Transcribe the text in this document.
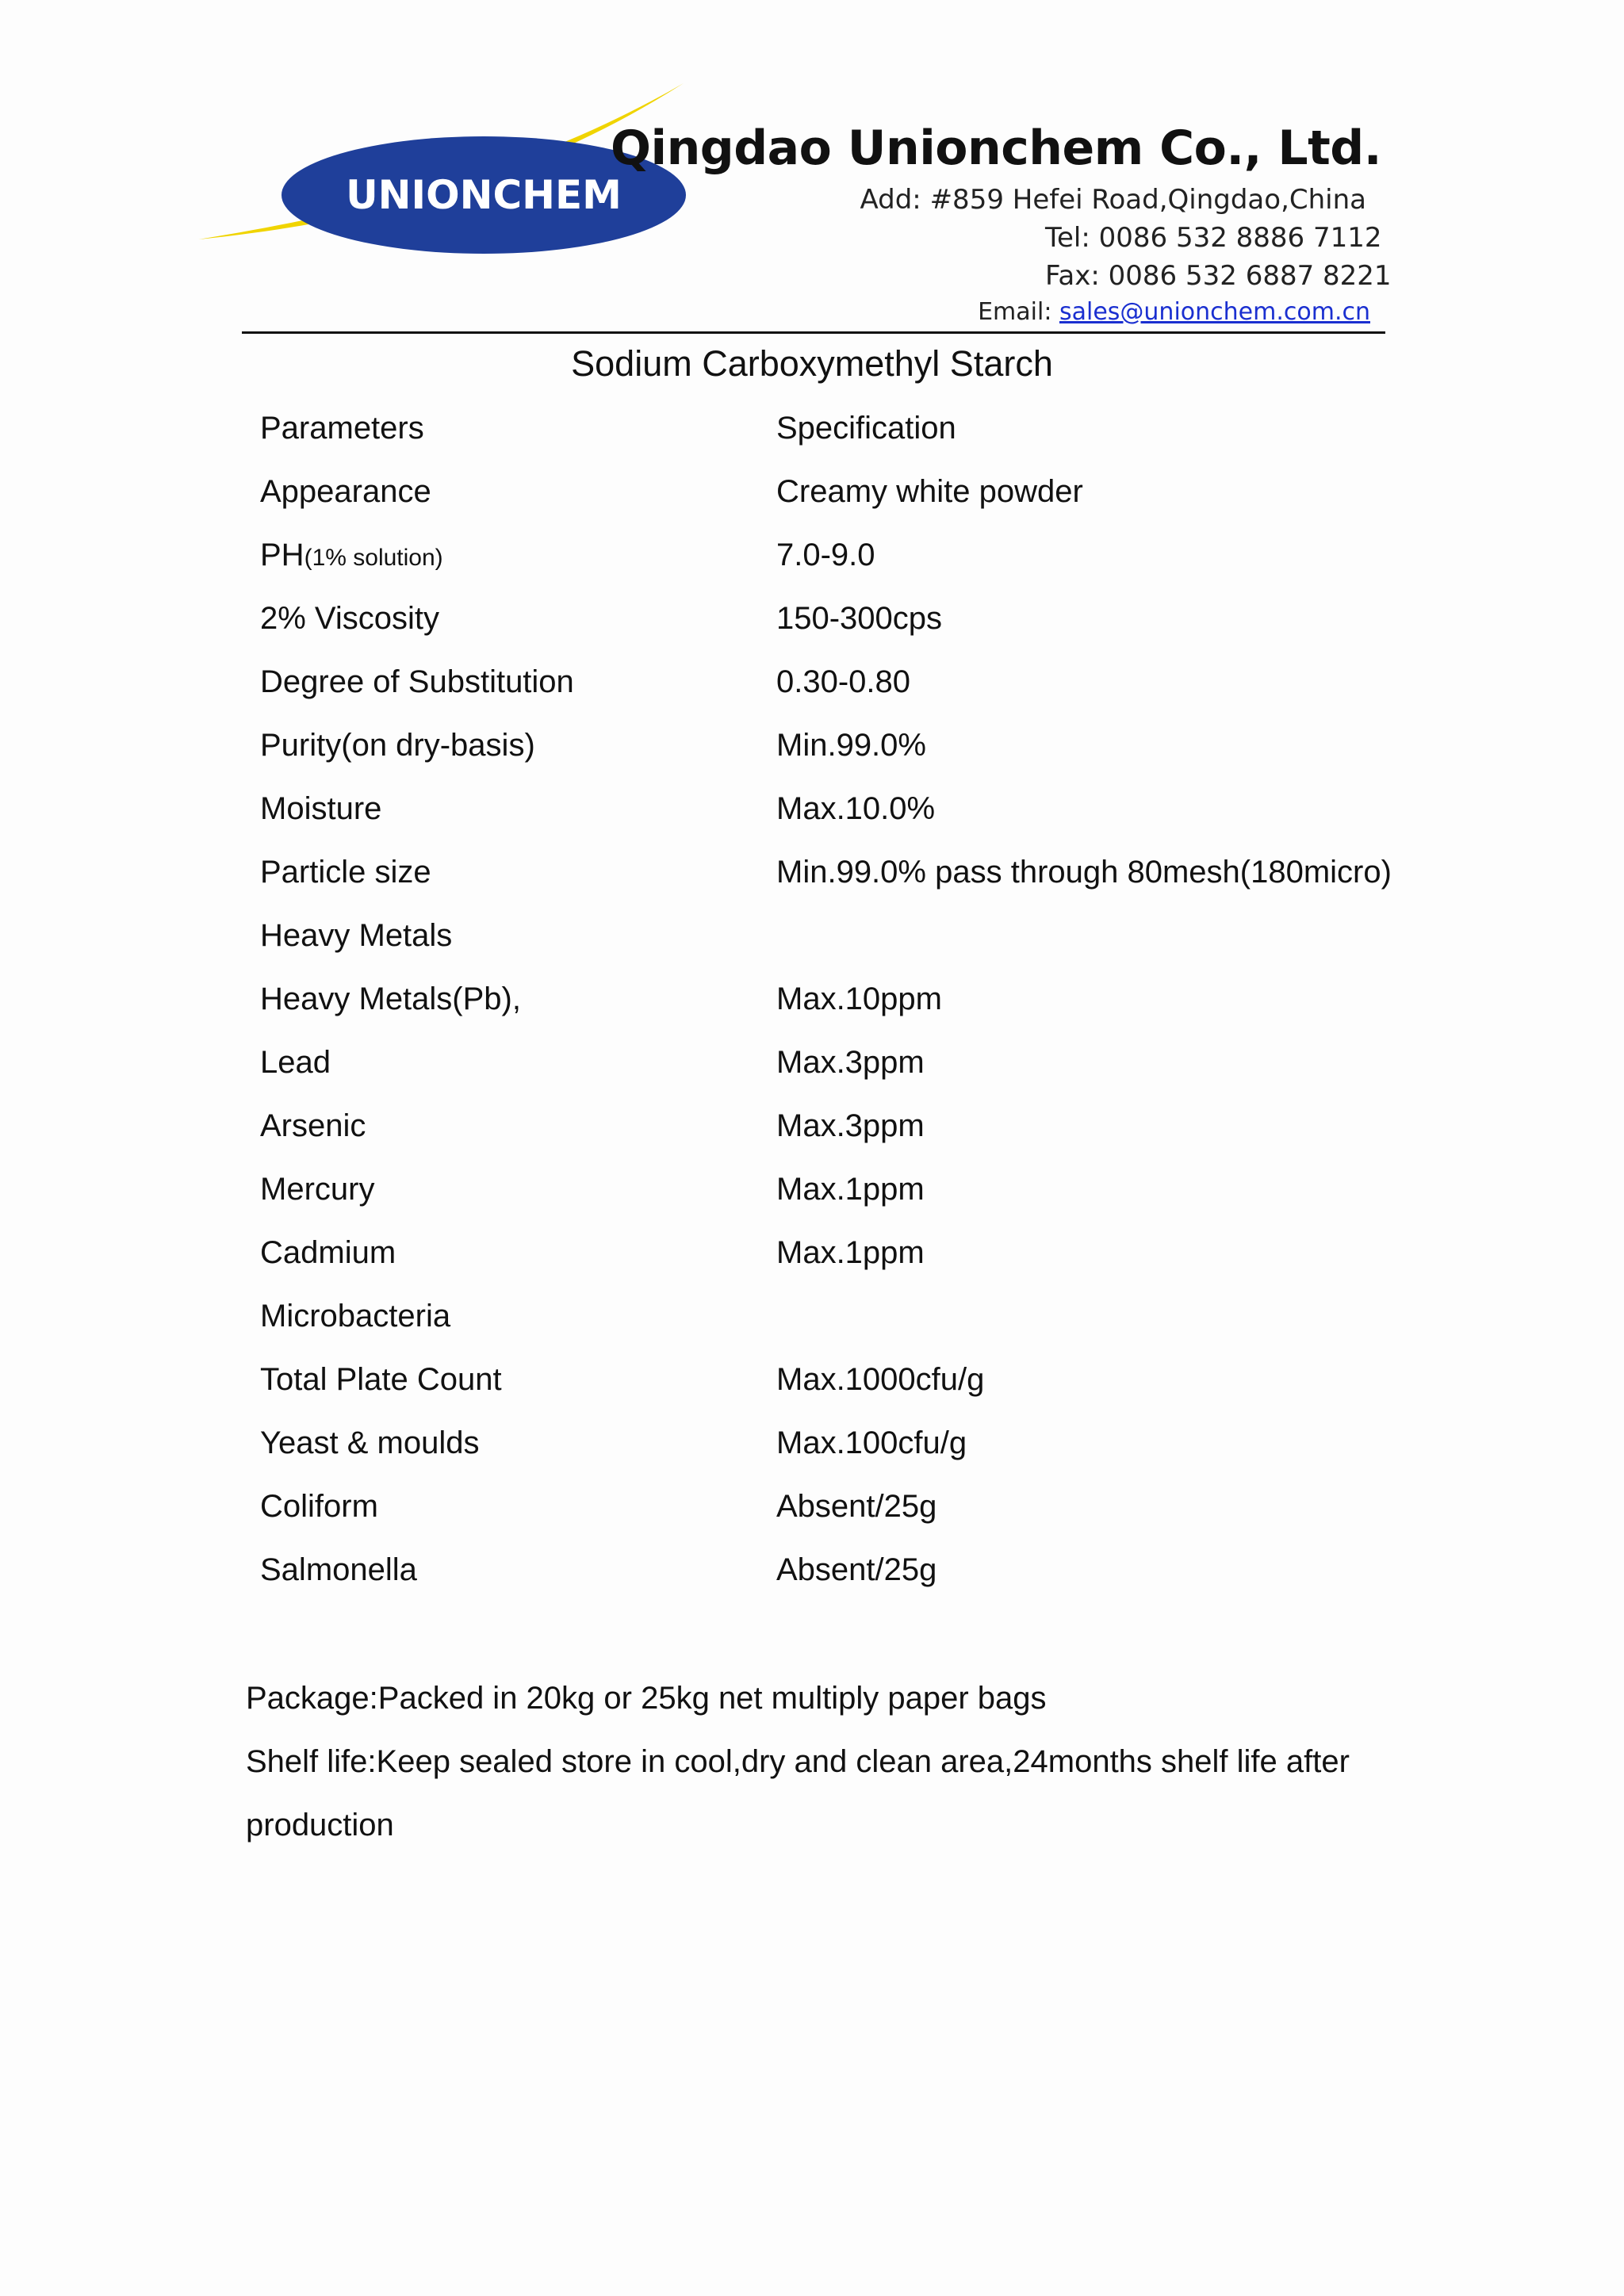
UNIONCHEM
Qingdao Unionchem Co., Ltd.
Add: #859 Hefei Road,Qingdao,China
Tel: 0086 532 8886 7112
Fax: 0086 532 6887 8221
Email: sales@unionchem.com.cn
Sodium Carboxymethyl Starch
Parameters	Specification
Appearance	Creamy white powder
PH(1% solution)	7.0-9.0
2% Viscosity	150-300cps
Degree of Substitution	0.30-0.80
Purity(on dry-basis)	Min.99.0%
Moisture	Max.10.0%
Particle size	Min.99.0% pass through 80mesh(180micro)
Heavy Metals	
Heavy Metals(Pb),	Max.10ppm
Lead	Max.3ppm
Arsenic	Max.3ppm
Mercury	Max.1ppm
Cadmium	Max.1ppm
Microbacteria	
Total Plate Count	Max.1000cfu/g
Yeast & moulds	Max.100cfu/g
Coliform	Absent/25g
Salmonella	Absent/25g

Package:Packed in 20kg or 25kg net multiply paper bags

Shelf life:Keep sealed store in cool,dry and clean area,24months shelf life after production
